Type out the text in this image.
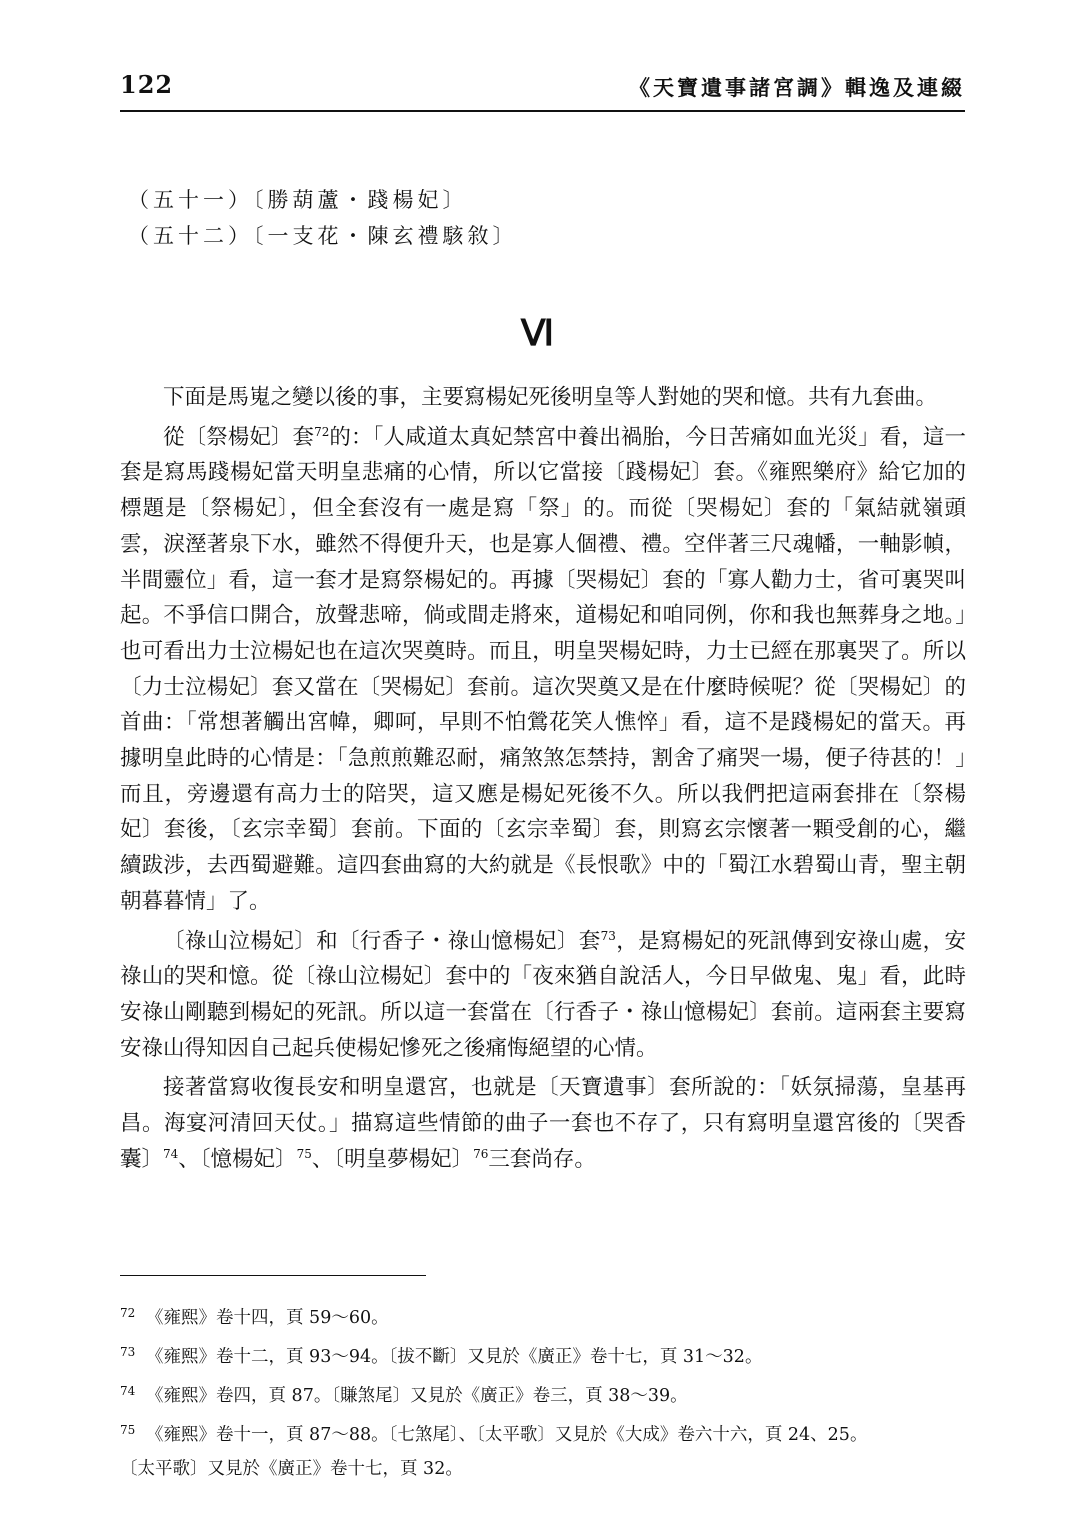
122	《天寶遺事諸宮調》輯逸及連綴
（五十一）〔勝葫蘆・踐楊妃〕
（五十二）〔一支花・陳玄禮駭敘〕
Ⅵ

下面是馬嵬之變以後的事，主要寫楊妃死後明皇等人對她的哭和憶。共有九套曲。

從〔祭楊妃〕套$^{72}$的：「人咸道太真妃禁宮中養出禍胎，今日苦痛如血光災」看，這一套是寫馬踐楊妃當天明皇悲痛的心情，所以它當接〔踐楊妃〕套。《雍熙樂府》給它加的標題是〔祭楊妃〕，但全套沒有一處是寫「祭」的。而從〔哭楊妃〕套的「氣結就嶺頭雲，淚溼著泉下水，雖然不得便升天，也是寡人個禮、禮。空伴著三尺魂幡，一軸影幀，半間靈位」看，這一套才是寫祭楊妃的。再據〔哭楊妃〕套的「寡人勸力士，省可裏哭叫起。不爭信口開合，放聲悲啼，倘或間走將來，道楊妃和咱同例，你和我也無葬身之地。」也可看出力士泣楊妃也在這次哭奠時。而且，明皇哭楊妃時，力士已經在那裏哭了。所以〔力士泣楊妃〕套又當在〔哭楊妃〕套前。這次哭奠又是在什麼時候呢？從〔哭楊妃〕的首曲：「常想著觸出宮幃，卿呵，早則不怕鶯花笑人憔悴」看，這不是踐楊妃的當天。再據明皇此時的心情是：「急煎煎難忍耐，痛煞煞怎禁持，割舍了痛哭一場，便子待甚的！」而且，旁邊還有高力士的陪哭，這又應是楊妃死後不久。所以我們把這兩套排在〔祭楊妃〕套後，〔玄宗幸蜀〕套前。下面的〔玄宗幸蜀〕套，則寫玄宗懷著一顆受創的心，繼續跋涉，去西蜀避難。這四套曲寫的大約就是《長恨歌》中的「蜀江水碧蜀山青，聖主朝朝暮暮情」了。

〔祿山泣楊妃〕和〔行香子・祿山憶楊妃〕套$^{73}$，是寫楊妃的死訊傳到安祿山處，安祿山的哭和憶。從〔祿山泣楊妃〕套中的「夜來猶自說活人，今日早做鬼、鬼」看，此時安祿山剛聽到楊妃的死訊。所以這一套當在〔行香子・祿山憶楊妃〕套前。這兩套主要寫安祿山得知因自己起兵使楊妃慘死之後痛悔絕望的心情。

接著當寫收復長安和明皇還宮，也就是〔天寶遺事〕套所說的：「妖氛掃蕩，皇基再昌。海宴河清回天仗。」描寫這些情節的曲子一套也不存了，只有寫明皇還宮後的〔哭香囊〕$^{74}$、〔憶楊妃〕$^{75}$、〔明皇夢楊妃〕$^{76}$三套尚存。

72 《雍熙》卷十四，頁 59～60。

73 《雍熙》卷十二，頁 93～94。〔拔不斷〕又見於《廣正》卷十七，頁 31～32。

74 《雍熙》卷四，頁 87。〔賺煞尾〕又見於《廣正》卷三，頁 38～39。

75 《雍熙》卷十一，頁 87～88。〔七煞尾〕、〔太平歌〕又見於《大成》卷六十六，頁 24、25。

〔太平歌〕又見於《廣正》卷十七，頁 32。
